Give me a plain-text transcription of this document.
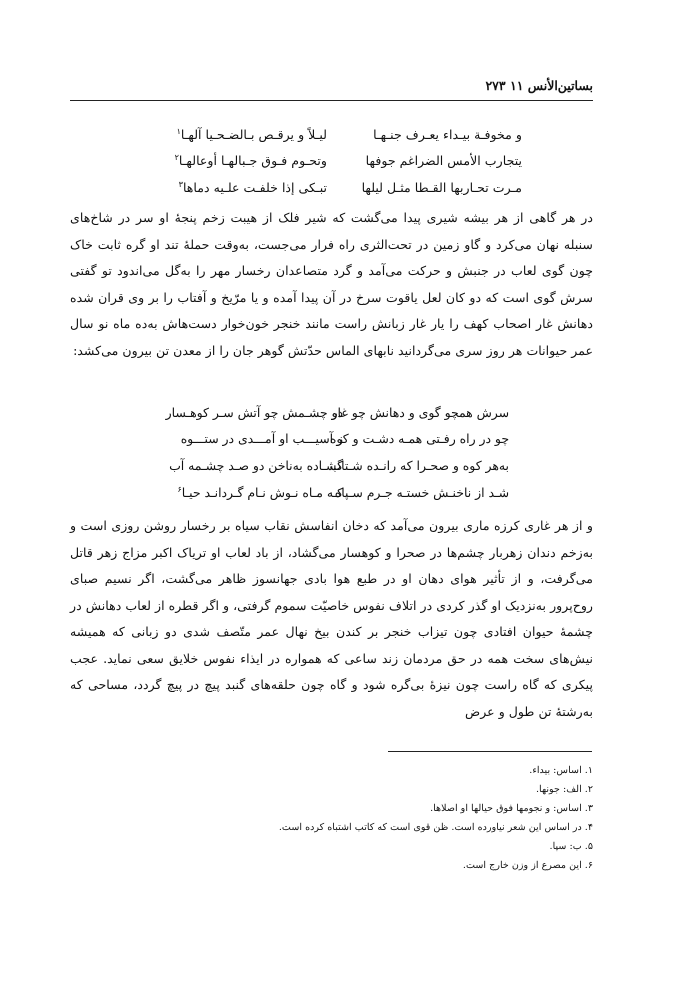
بساتین‌الأنس ۱۱ ۲۷۳
و مخوفـة بیـداء یعـرف جنـهـا
لیـلاً و یرقـص بـالضـحـیا آلهـا$^۱$
یتجارب الأمس الضراغم جوفها
وتحـوم فـوق جـبالهـا أوعالهـا$^۲$
مـرت تحـاربها القـطا مثـل لیلها
تبـکی إذا خلفـت علـیه دماها$^۳$
در هر گاهی از هر بیشه شیری پیدا می‌گشت که شیر فلک از هیبت زخم پنجهٔ او سر در شاخ‌های سنبله نهان می‌کرد و گاو زمین در تحت‌الثری راه فرار می‌جست، به‌وقت حملهٔ تند او گره ثابت خاک چون گوی لعاب در جنبش و حرکت می‌آمد و گرد متصاعدان رخسار مهر را به‌گل می‌اندود تو گفتی سرش گوی است که دو کان لعل یاقوت سرخ در آن پیدا آمده و یا مرّیخ و آفتاب را بر وی قران شده دهانش غار اصحاب کهف را یار غار زبانش راست مانند خنجر خون‌خوار دست‌هاش به‌ده ماه نو سال عمر حیوانات هر روز سری می‌گردانید نابهای الماس حدّتش گوهر جان را از معدن تن بیرون می‌کشد:
سرش همچو گوی و دهانش چو غار
دو چشـمش چو آتش سـر کوهـسار
چو در راه رفـتی همـه دشـت و کوه
ز آسیـــب او آمـــدی در ستـــوه
به‌هر کوه و صحـرا که رانـده شـتاب
گشـاده به‌ناخن دو صـد چشـمه آب
شـد از ناخنـش خستـه جـرم سـپاه
کـه مـاه نـوش نـام گـردانـد حیـا$^۶$
و از هر غاری کرزه ماری بیرون می‌آمد که دخان انفاسش نقاب سیاه بر رخسار روشن روزی است و به‌زخم دندان زهربار چشم‌ها در صحرا و کوهسار می‌گشاد، از باد لعاب او تریاک اکبر مزاج زهر قاتل می‌گرفت، و از تأثیر هوای دهان او در طبع هوا بادی جهانسوز ظاهر می‌گشت، اگر نسیم صبای روح‌پرور به‌نزدیک او گذر کردی در اتلاف نفوس خاصیّت سموم گرفتی، و اگر قطره از لعاب دهانش در چشمهٔ حیوان افتادی چون تیزاب خنجر بر کندن بیخ نهال عمر متّصف شدی دو زبانی که همیشه نیش‌های سخت همه در حق مردمان زند ساعی که همواره در ایذاء نفوس خلایق سعی نماید. عجب پیکری که گاه راست چون نیزهٔ بی‌گره شود و گاه چون حلقه‌های گنبد پیچ در پیچ گردد، مساحی که به‌رشتهٔ تن طول و عرض
۱. اساس: بیداء.
۲. الف: جونها.
۳. اساس: و نجومها فوق حیالها او اصلاها.
۴. در اساس این شعر نیاورده است. ظن قوی است که کاتب اشتباه کرده است.
۵. ب: سپا.
۶. این مصرع از وزن خارج است.
